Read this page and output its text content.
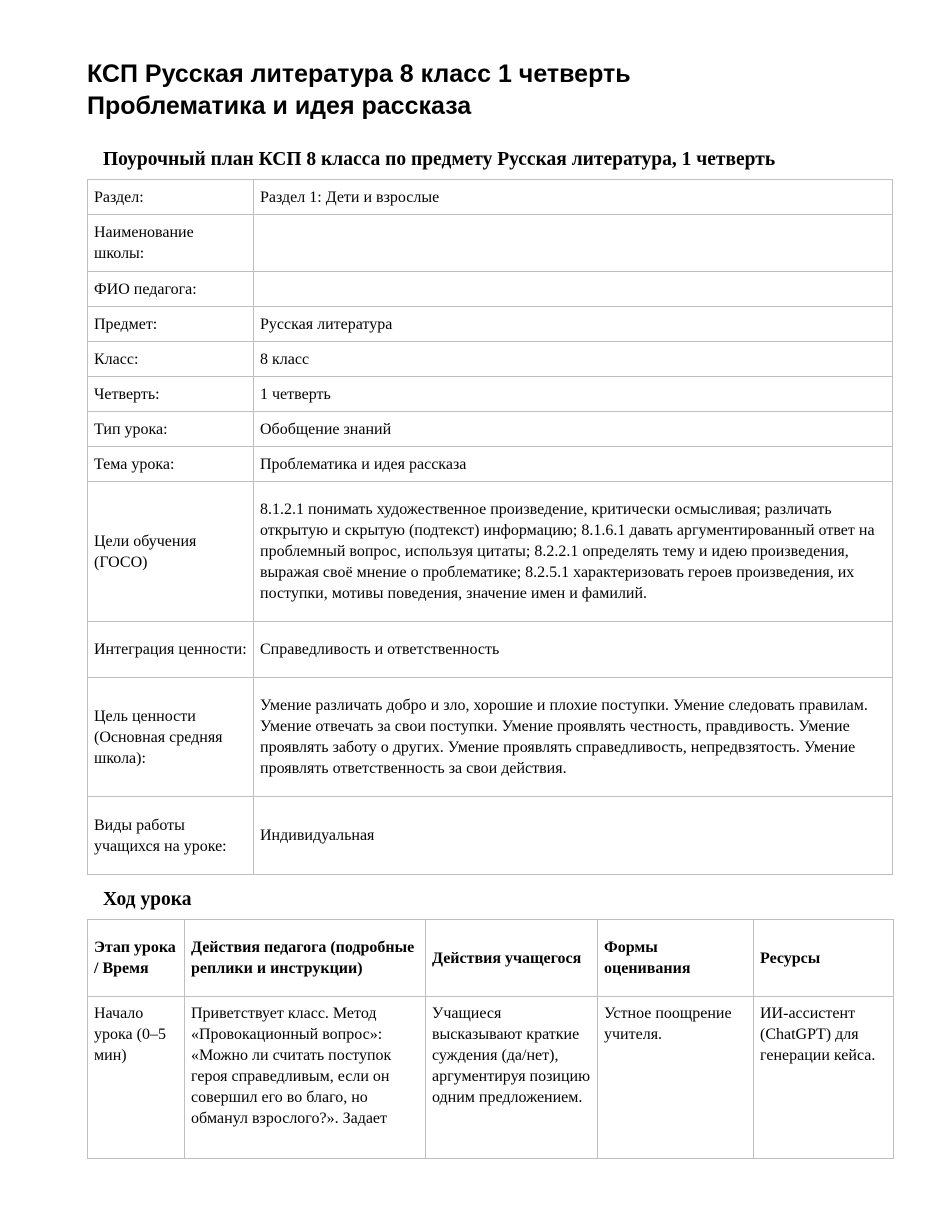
КСП Русская литература 8 класс 1 четверть
Проблематика и идея рассказа
Поурочный план КСП 8 класса по предмету Русская литература, 1 четверть
Раздел:	Раздел 1: Дети и взрослые
Наименование школы:	
ФИО педагога:	
Предмет:	Русская литература
Класс:	8 класс
Четверть:	1 четверть
Тип урока:	Обобщение знаний
Тема урока:	Проблематика и идея рассказа
Цели обучения (ГОСО)	8.1.2.1 понимать художественное произведение, критически осмысливая; различать открытую и скрытую (подтекст) информацию; 8.1.6.1 давать аргументированный ответ на проблемный вопрос, используя цитаты; 8.2.2.1 определять тему и идею произведения, выражая своё мнение о проблематике; 8.2.5.1 характеризовать героев произведения, их поступки, мотивы поведения, значение имен и фамилий.
Интеграция ценности:	Справедливость и ответственность
Цель ценности (Основная средняя школа):	Умение различать добро и зло, хорошие и плохие поступки. Умение следовать правилам. Умение отвечать за свои поступки. Умение проявлять честность, правдивость. Умение проявлять заботу о других. Умение проявлять справедливость, непредвзятость. Умение проявлять ответственность за свои действия.
Виды работы учащихся на уроке:	Индивидуальная
Ход урока
Этап урока / Время	Действия педагога (подробные реплики и инструкции)	Действия учащегося	Формы оценивания	Ресурсы
Начало урока (0–5 мин)	Приветствует класс. Метод «Провокационный вопрос»: «Можно ли считать поступок героя справедливым, если он совершил его во благо, но обманул взрослого?». Задает	Учащиеся высказывают краткие суждения (да/нет), аргументируя позицию одним предложением.	Устное поощрение учителя.	ИИ-ассистент (ChatGPT) для генерации кейса.
